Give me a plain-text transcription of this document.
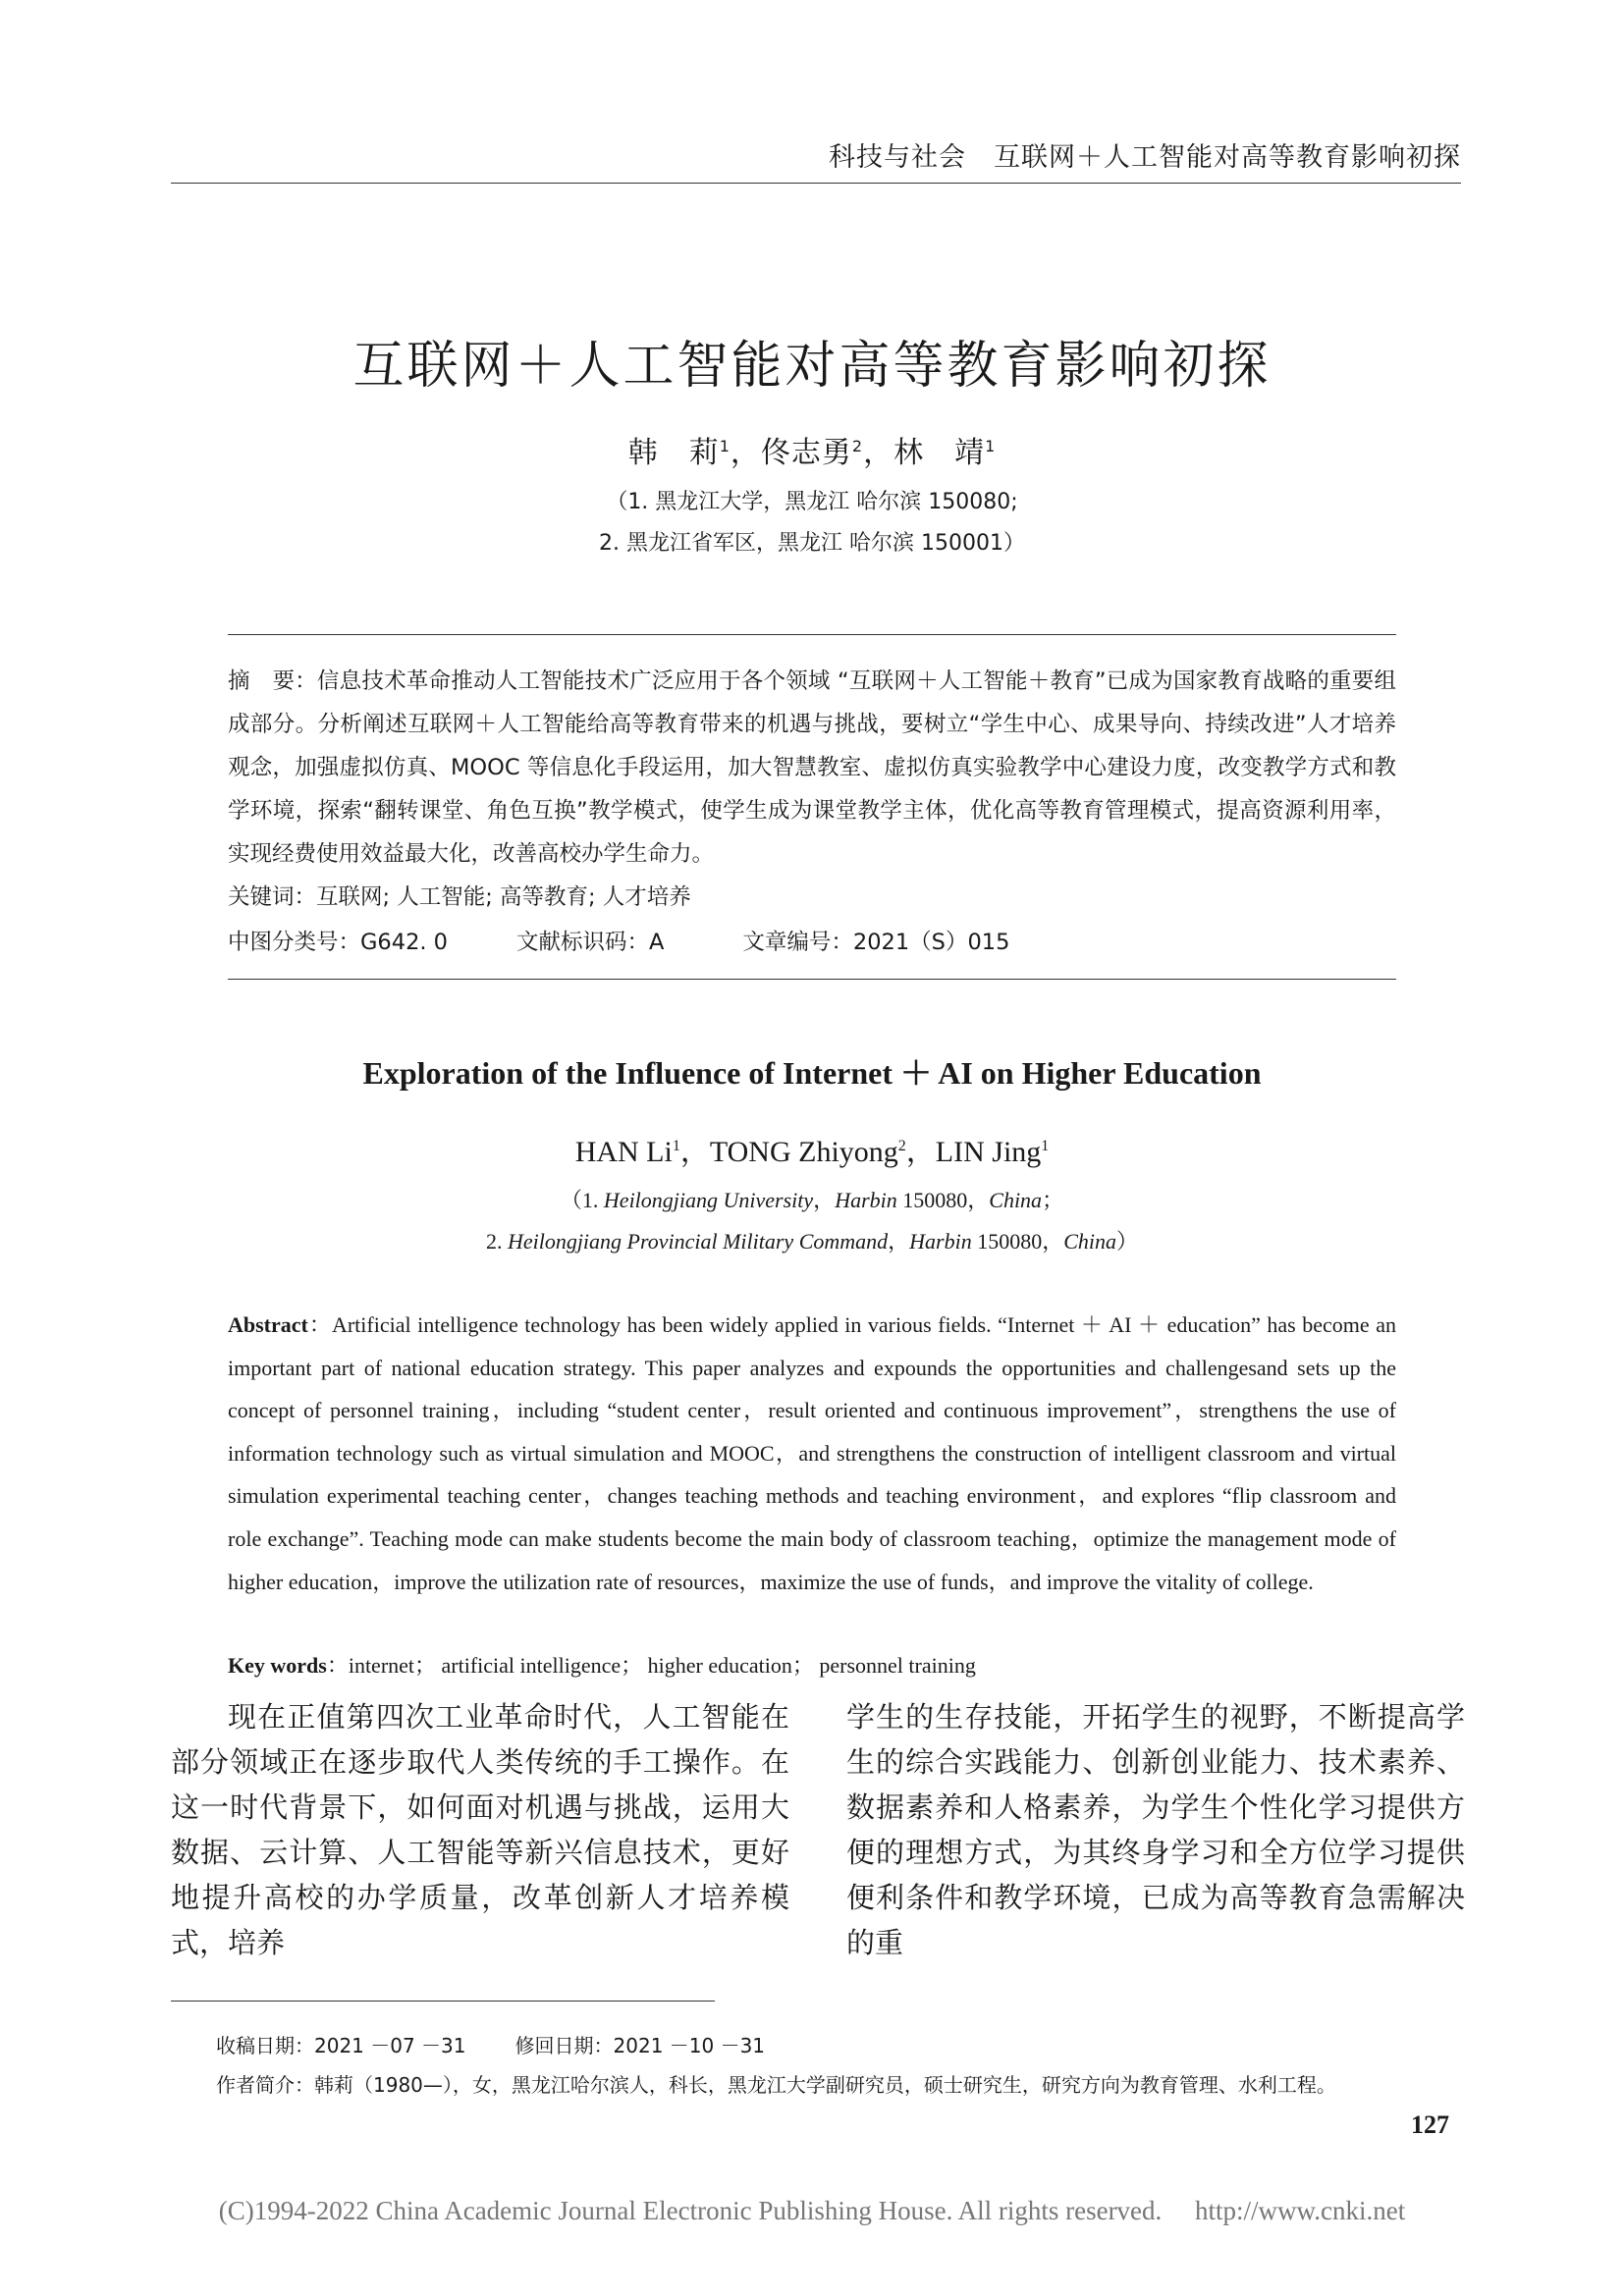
科技与社会 互联网＋人工智能对高等教育影响初探
互联网＋人工智能对高等教育影响初探
韩　莉$^1$，佟志勇$^2$，林　靖$^1$
（1. 黑龙江大学，黑龙江 哈尔滨 150080;
2. 黑龙江省军区，黑龙江 哈尔滨 150001）
摘　要：信息技术革命推动人工智能技术广泛应用于各个领域 “互联网＋人工智能＋教育”已成为国家教育战略的重要组成部分。分析阐述互联网＋人工智能给高等教育带来的机遇与挑战，要树立“学生中心、成果导向、持续改进”人才培养观念，加强虚拟仿真、MOOC 等信息化手段运用，加大智慧教室、虚拟仿真实验教学中心建设力度，改变教学方式和教学环境，探索“翻转课堂、角色互换”教学模式，使学生成为课堂教学主体，优化高等教育管理模式，提高资源利用率，实现经费使用效益最大化，改善高校办学生命力。
关键词：互联网; 人工智能; 高等教育; 人才培养
中图分类号：G642. 0	文献标识码：A	文章编号：2021（S）015
Exploration of the Influence of Internet ＋ AI on Higher Education
HAN Li$^1$，TONG Zhiyong$^2$，LIN Jing$^1$
（1. Heilongjiang University，Harbin 150080，China；
2. Heilongjiang Provincial Military Command，Harbin 150080，China）
Abstract：Artificial intelligence technology has been widely applied in various fields. “Internet ＋ AI ＋ education” has become an important part of national education strategy. This paper analyzes and expounds the opportunities and challengesand sets up the concept of personnel training，including “student center，result oriented and continuous improvement”，strengthens the use of information technology such as virtual simulation and MOOC，and strengthens the construction of intelligent classroom and virtual simulation experimental teaching center，changes teaching methods and teaching environment，and explores “flip classroom and role exchange”. Teaching mode can make students become the main body of classroom teaching，optimize the management mode of higher education，improve the utilization rate of resources，maximize the use of funds，and improve the vitality of college.
Key words：internet； artificial intelligence； higher education； personnel training
现在正值第四次工业革命时代，人工智能在部分领域正在逐步取代人类传统的手工操作。在这一时代背景下，如何面对机遇与挑战，运用大数据、云计算、人工智能等新兴信息技术，更好地提升高校的办学质量，改革创新人才培养模式，培养
学生的生存技能，开拓学生的视野，不断提高学生的综合实践能力、创新创业能力、技术素养、数据素养和人格素养，为学生个性化学习提供方便的理想方式，为其终身学习和全方位学习提供便利条件和教学环境，已成为高等教育急需解决的重
收稿日期：2021 －07 －31	修回日期：2021 －10 －31
作者简介：韩莉（1980—），女，黑龙江哈尔滨人，科长，黑龙江大学副研究员，硕士研究生，研究方向为教育管理、水利工程。
127
(C)1994-2022 China Academic Journal Electronic Publishing House. All rights reserved.　 http://www.cnki.net
